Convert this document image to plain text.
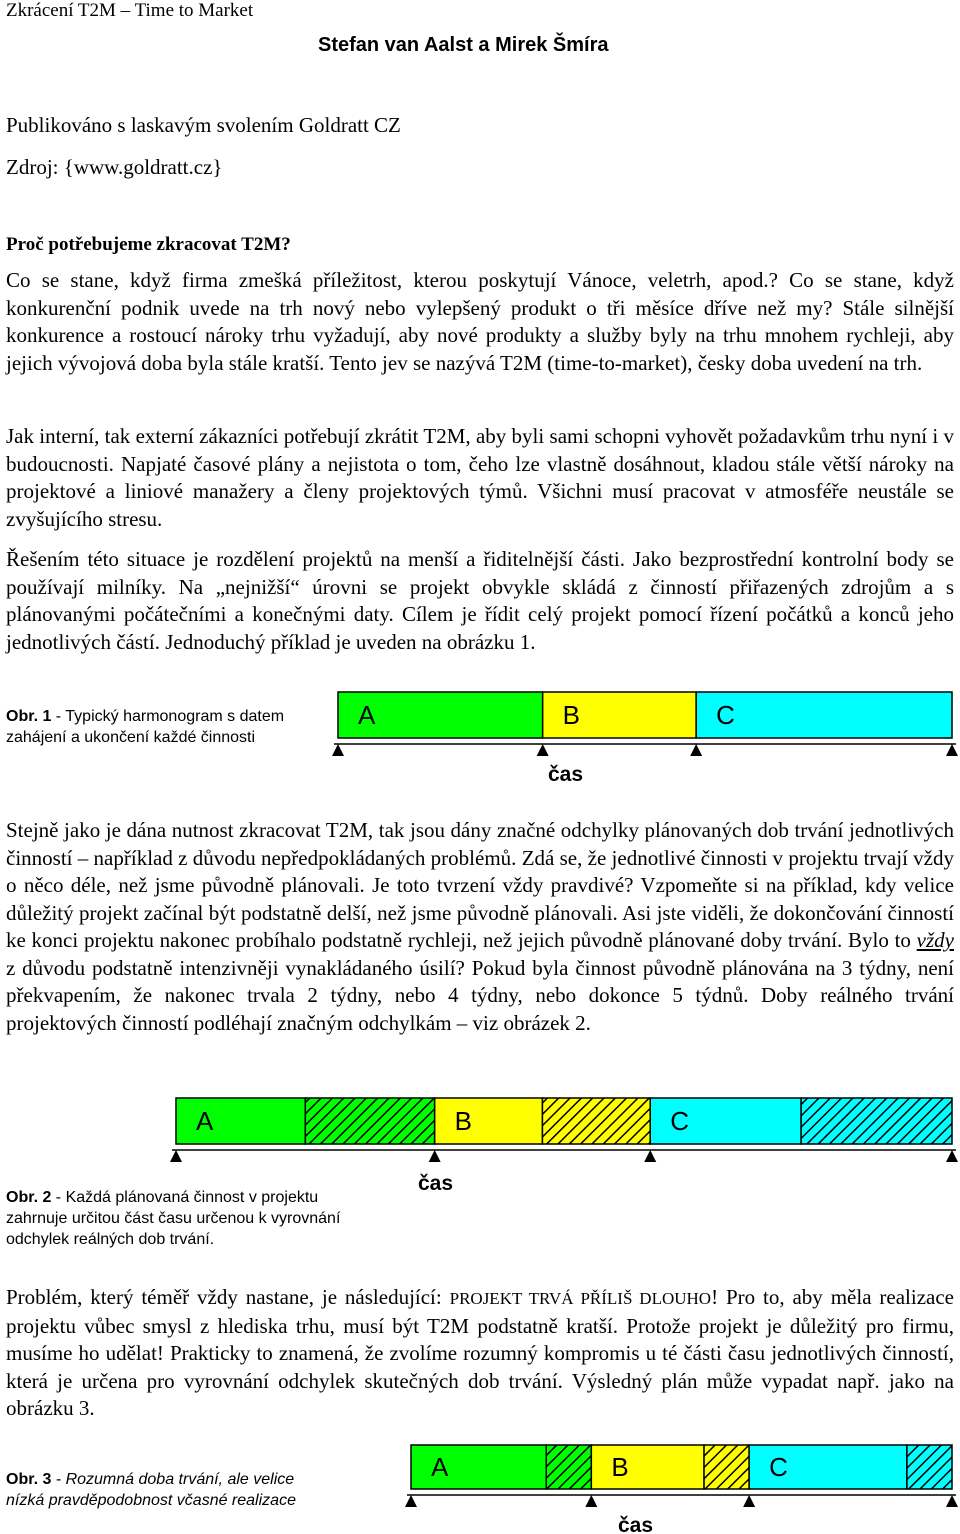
Zkrácení T2M – Time to Market
Stefan van Aalst a Mirek Šmíra
Publikováno s laskavým svolením Goldratt CZ
Zdroj: {www.goldratt.cz}
Proč potřebujeme zkracovat T2M?

Co se stane, když firma zmešká příležitost, kterou poskytují Vánoce, veletrh, apod.? Co se stane, když konkurenční podnik uvede na trh nový nebo vylepšený produkt o tři měsíce dříve než my? Stále silnější konkurence a rostoucí nároky trhu vyžadují, aby nové produkty a služby byly na trhu mnohem rychleji, aby jejich vývojová doba byla stále kratší. Tento jev se nazývá T2M (time-to-market), česky doba uvedení na trh.

Jak interní, tak externí zákazníci potřebují zkrátit T2M, aby byli sami schopni vyhovět požadavkům trhu nyní i v budoucnosti. Napjaté časové plány a nejistota o tom, čeho lze vlastně dosáhnout, kladou stále větší nároky na projektové a liniové manažery a členy projektových týmů. Všichni musí pracovat v atmosféře neustále se zvyšujícího stresu.

Řešením této situace je rozdělení projektů na menší a řiditelnější části. Jako bezprostřední kontrolní body se používají milníky. Na „nejnižší“ úrovni se projekt obvykle skládá z činností přiřazených zdrojům a s plánovanými počátečními a konečnými daty. Cílem je řídit celý projekt pomocí řízení počátků a konců jeho jednotlivých částí. Jednoduchý příklad je uveden na obrázku 1.

Obr. 1 - Typický harmonogram s datem zahájení a ukončení každé činnosti
A	B	C
čas

Stejně jako je dána nutnost zkracovat T2M, tak jsou dány značné odchylky plánovaných dob trvání jednotlivých činností – například z důvodu nepředpokládaných problémů. Zdá se, že jednotlivé činnosti v projektu trvají vždy o něco déle, než jsme původně plánovali. Je toto tvrzení vždy pravdivé? Vzpomeňte si na příklad, kdy velice důležitý projekt začínal být podstatně delší, než jsme původně plánovali. Asi jste viděli, že dokončování činností ke konci projektu nakonec probíhalo podstatně rychleji, než jejich původně plánované doby trvání. Bylo to vždy z důvodu podstatně intenzivněji vynakládaného úsilí? Pokud byla činnost původně plánována na 3 týdny, není překvapením, že nakonec trvala 2 týdny, nebo 4 týdny, nebo dokonce 5 týdnů. Doby reálného trvání projektových činností podléhají značným odchylkám – viz obrázek 2.

A	B	C
čas
Obr. 2 - Každá plánovaná činnost v projektu zahrnuje určitou část času určenou k vyrovnání odchylek reálných dob trvání.

Problém, který téměř vždy nastane, je následující: PROJEKT TRVÁ PŘÍLIŠ DLOUHO! Pro to, aby měla realizace projektu vůbec smysl z hlediska trhu, musí být T2M podstatně kratší. Protože projekt je důležitý pro firmu, musíme ho udělat! Prakticky to znamená, že zvolíme rozumný kompromis u té části času jednotlivých činností, která je určena pro vyrovnání odchylek skutečných dob trvání. Výsledný plán může vypadat např. jako na obrázku 3.

Obr. 3 - Rozumná doba trvání, ale velice nízká pravděpodobnost včasné realizace
A	B	C
čas
